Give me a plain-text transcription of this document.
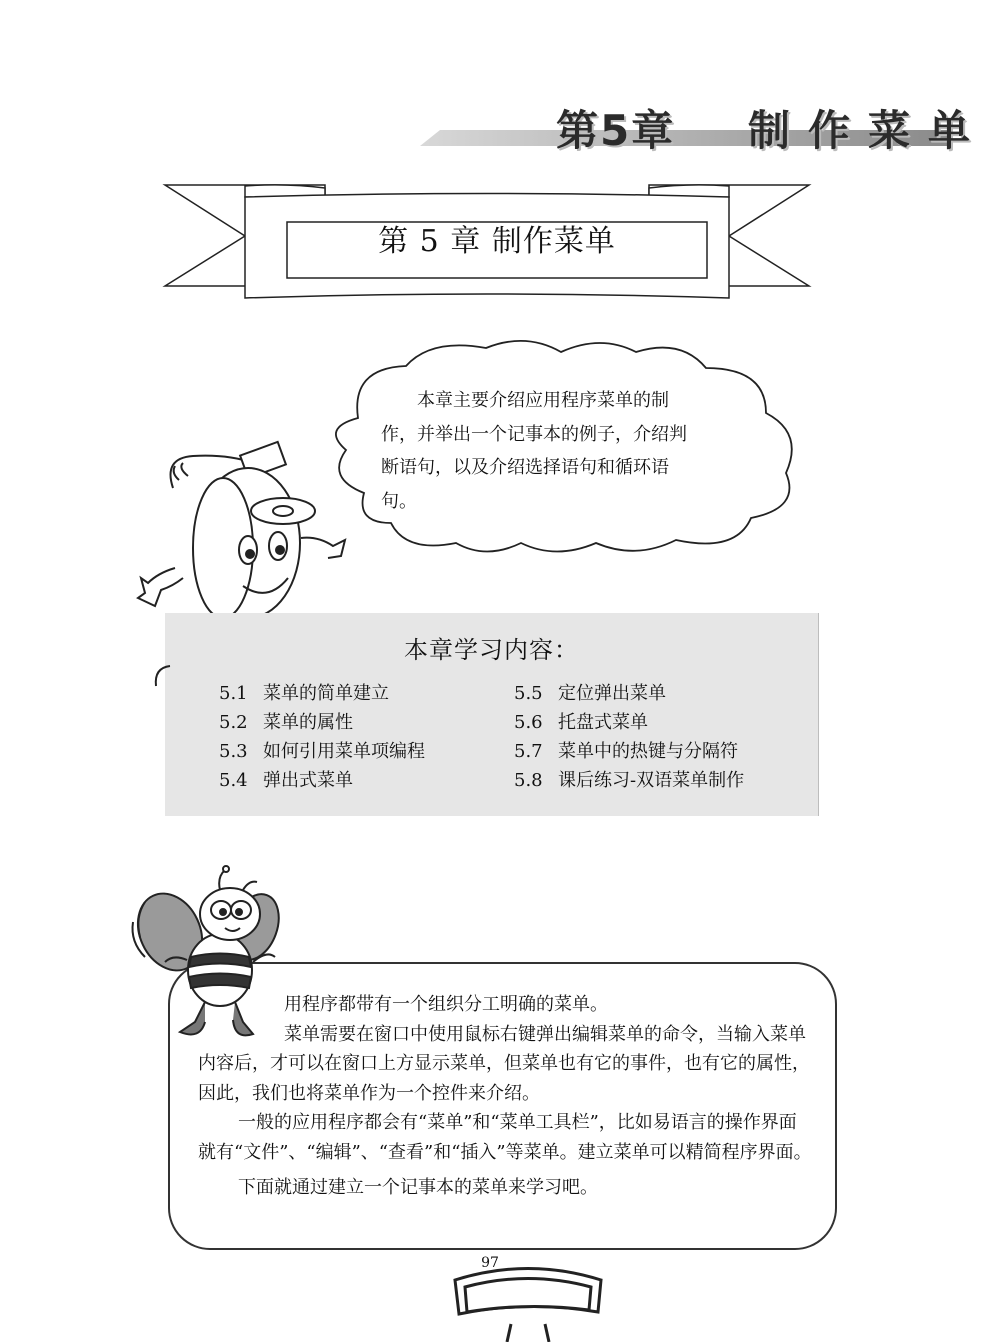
第5章 制作菜单
第 5 章 制作菜单
本章主要介绍应用程序菜单的制作，并举出一个记事本的例子，介绍判断语句，以及介绍选择语句和循环语句。
本章学习内容：
5.1 菜单的简单建立
5.2 菜单的属性
5.3 如何引用菜单项编程
5.4 弹出式菜单
5.5 定位弹出菜单
5.6 托盘式菜单
5.7 菜单中的热键与分隔符
5.8 课后练习-双语菜单制作

用程序都带有一个组织分工明确的菜单。

菜单需要在窗口中使用鼠标右键弹出编辑菜单的命令，当输入菜单内容后，才可以在窗口上方显示菜单，但菜单也有它的事件，也有它的属性，因此，我们也将菜单作为一个控件来介绍。

一般的应用程序都会有“菜单”和“菜单工具栏”，比如易语言的操作界面就有“文件”、“编辑”、“查看”和“插入”等菜单。建立菜单可以精简程序界面。

下面就通过建立一个记事本的菜单来学习吧。

97
